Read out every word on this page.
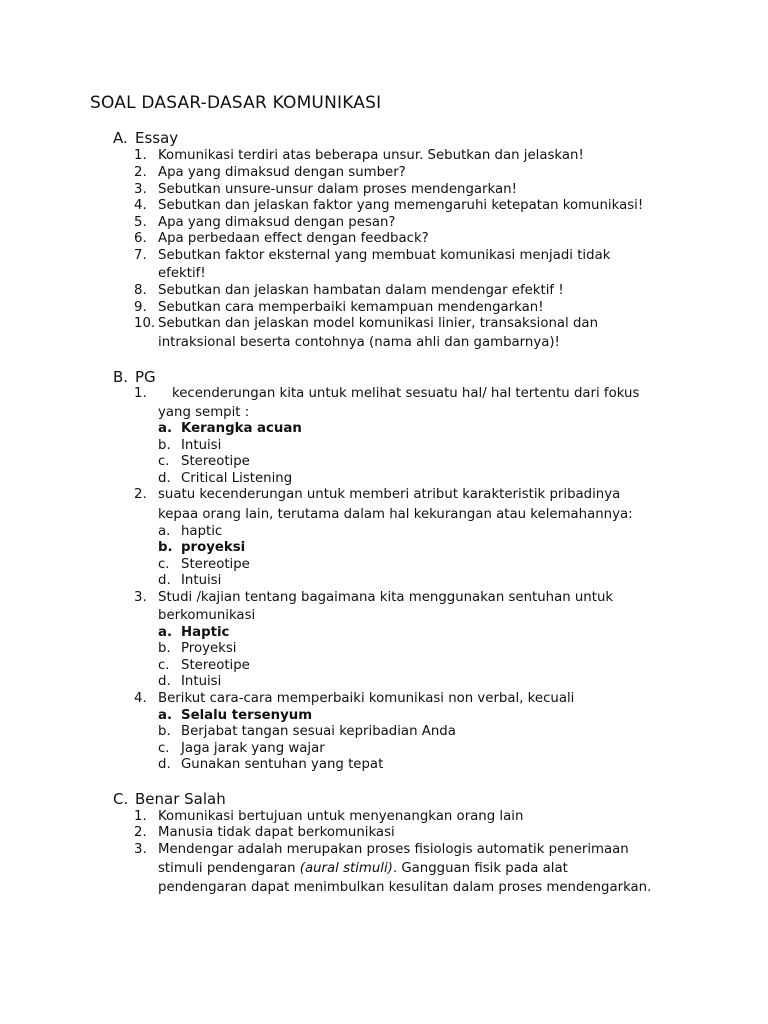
SOAL DASAR-DASAR KOMUNIKASI
A. Essay
1. Komunikasi terdiri atas beberapa unsur. Sebutkan dan jelaskan!
2. Apa yang dimaksud dengan sumber?
3. Sebutkan unsure-unsur dalam proses mendengarkan!
4. Sebutkan dan jelaskan faktor yang memengaruhi ketepatan komunikasi!
5. Apa yang dimaksud dengan pesan?
6. Apa perbedaan effect dengan feedback?
7. Sebutkan faktor eksternal yang membuat komunikasi menjadi tidak
efektif!
8. Sebutkan dan jelaskan hambatan dalam mendengar efektif !
9. Sebutkan cara memperbaiki kemampuan mendengarkan!
10. Sebutkan dan jelaskan model komunikasi linier, transaksional dan
intraksional beserta contohnya (nama ahli dan gambarnya)!
B. PG
1. kecenderungan kita untuk melihat sesuatu hal/ hal tertentu dari fokus
yang sempit :
a. Kerangka acuan
b. Intuisi
c. Stereotipe
d. Critical Listening
2. suatu kecenderungan untuk memberi atribut karakteristik pribadinya
kepaa orang lain, terutama dalam hal kekurangan atau kelemahannya:
a. haptic
b. proyeksi
c. Stereotipe
d. Intuisi
3. Studi /kajian tentang bagaimana kita menggunakan sentuhan untuk
berkomunikasi
a. Haptic
b. Proyeksi
c. Stereotipe
d. Intuisi
4. Berikut cara-cara memperbaiki komunikasi non verbal, kecuali
a. Selalu tersenyum
b. Berjabat tangan sesuai kepribadian Anda
c. Jaga jarak yang wajar
d. Gunakan sentuhan yang tepat
C. Benar Salah
1. Komunikasi bertujuan untuk menyenangkan orang lain
2. Manusia tidak dapat berkomunikasi
3. Mendengar adalah merupakan proses fisiologis automatik penerimaan
stimuli pendengaran (aural stimuli). Gangguan fisik pada alat
pendengaran dapat menimbulkan kesulitan dalam proses mendengarkan.
